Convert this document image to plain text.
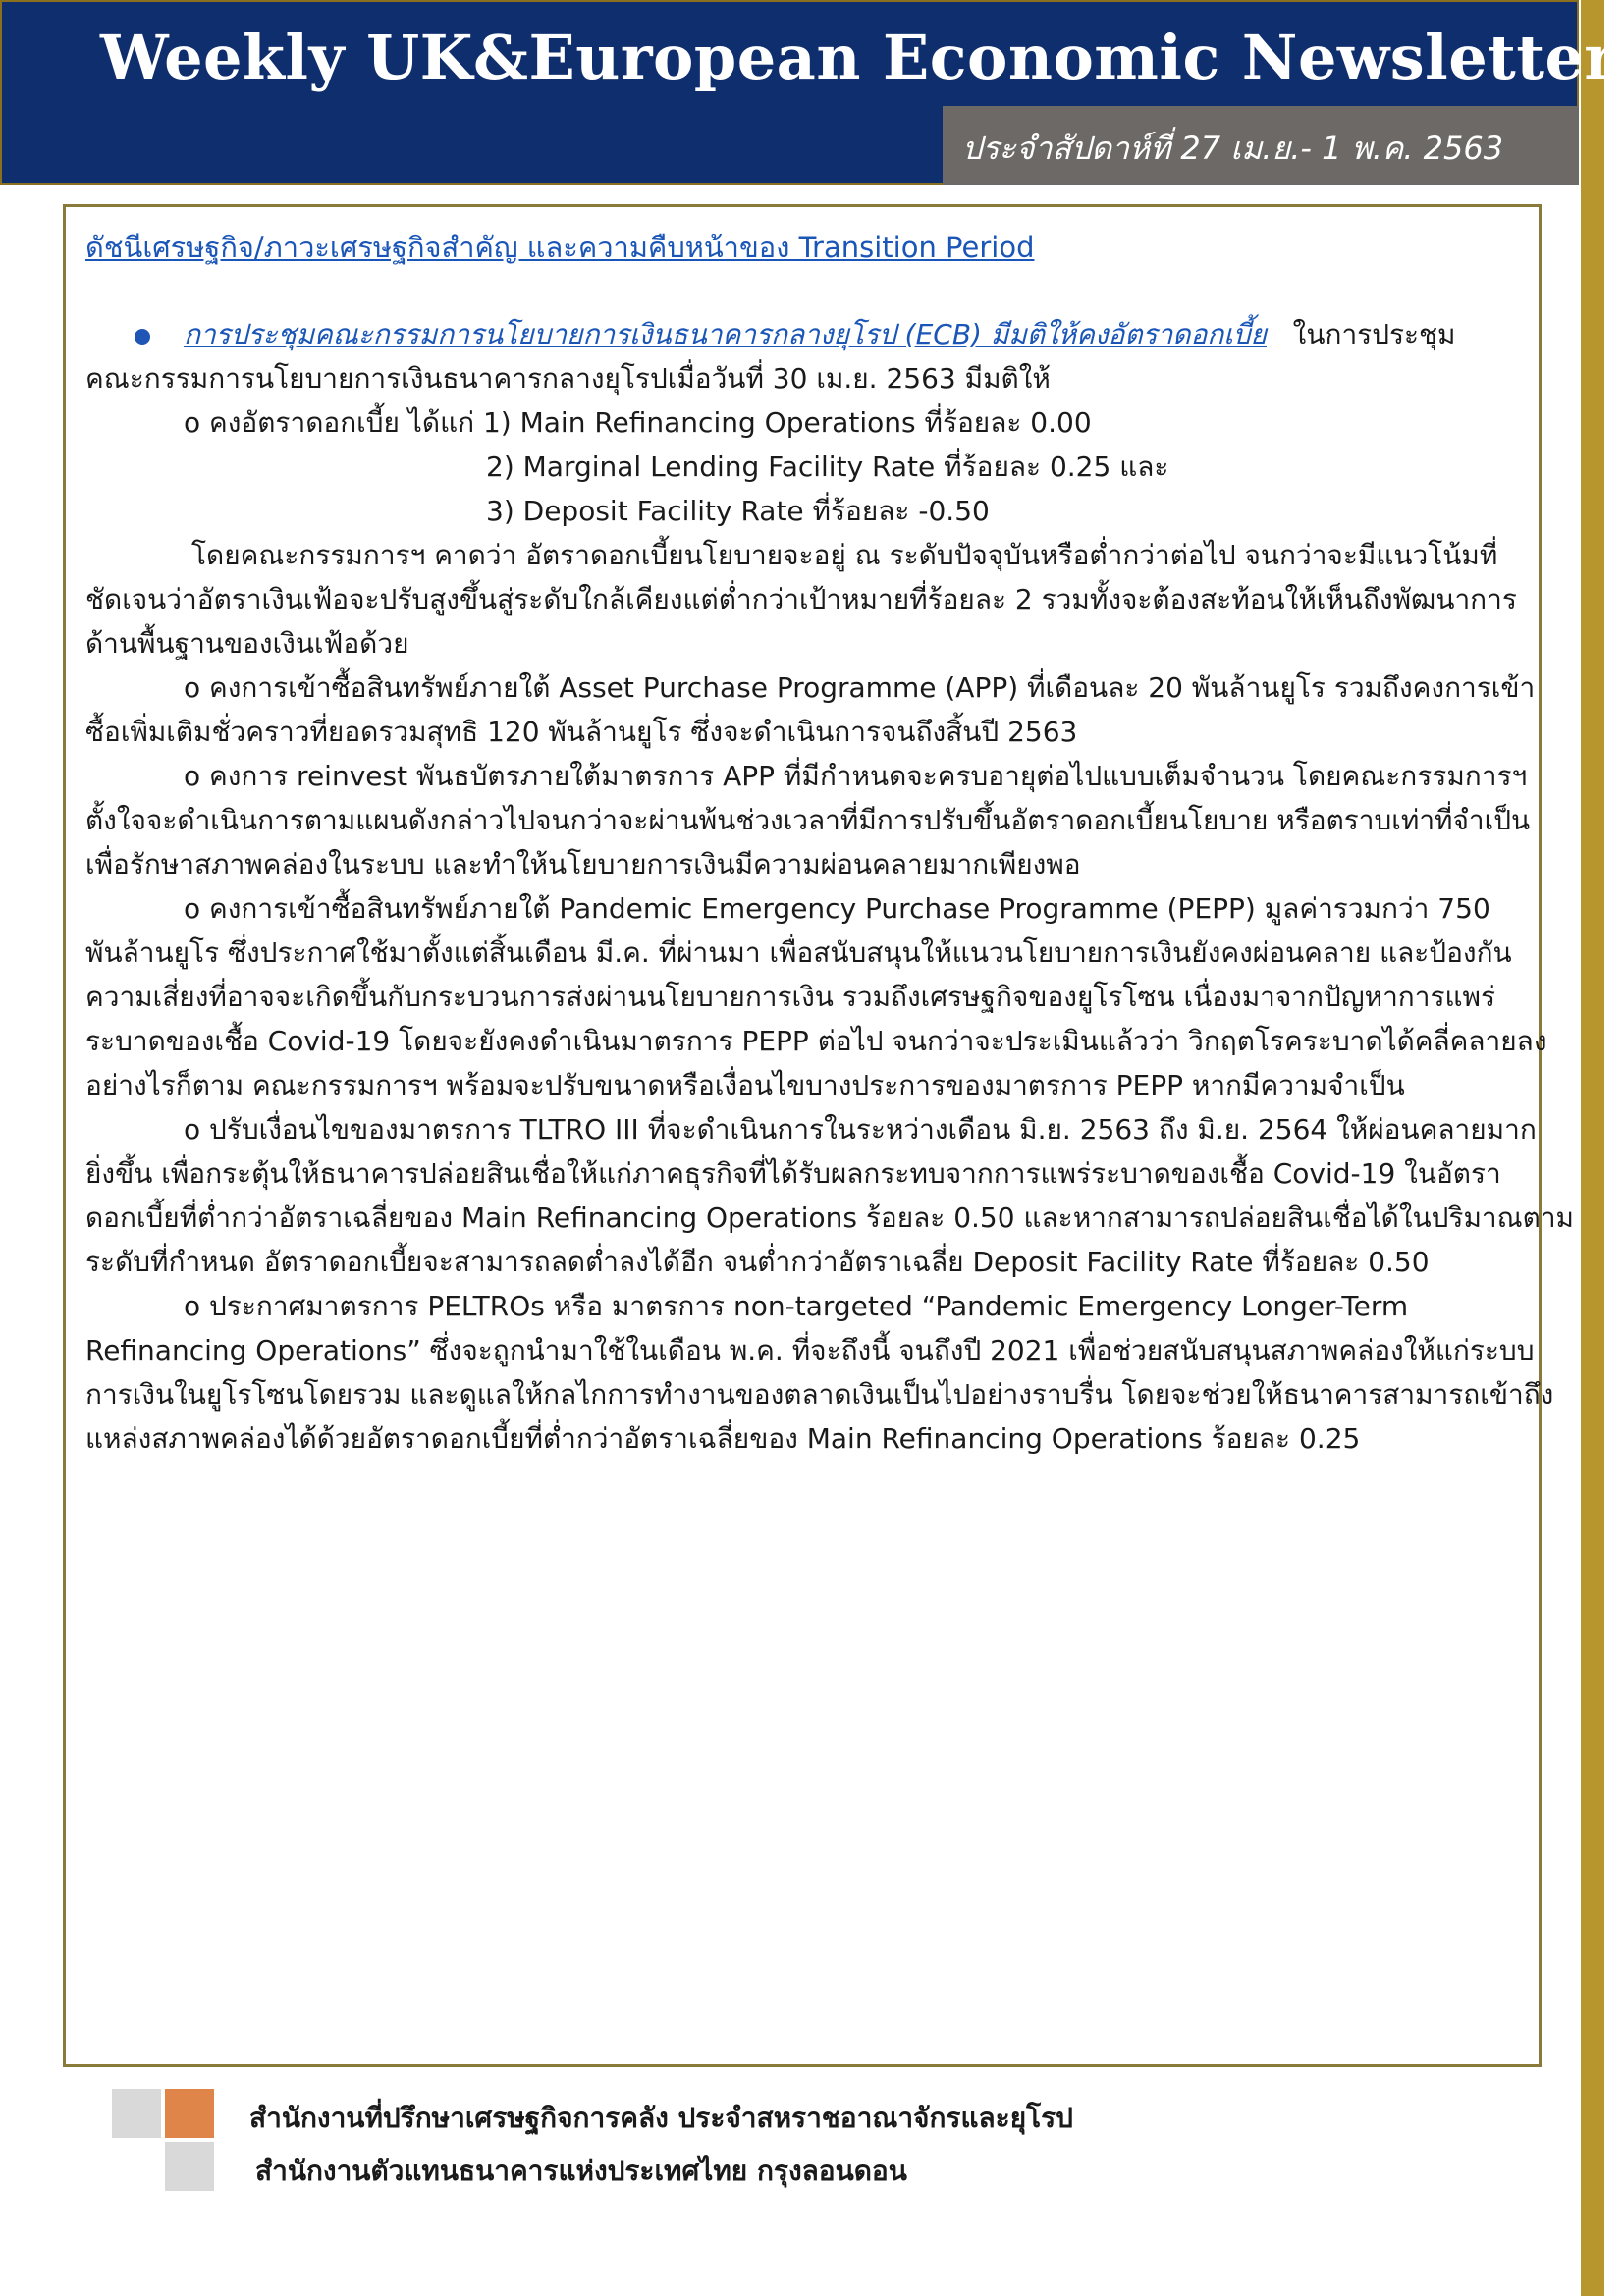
Weekly UK&European Economic Newsletter
ประจำสัปดาห์ที่ 27 เม.ย.- 1 พ.ค. 2563
ดัชนีเศรษฐกิจ/ภาวะเศรษฐกิจสำคัญ และความคืบหน้าของ Transition Period
การประชุมคณะกรรมการนโยบายการเงินธนาคารกลางยุโรป (ECB) มีมติให้คงอัตราดอกเบี้ย ในการประชุม
คณะกรรมการนโยบายการเงินธนาคารกลางยุโรปเมื่อวันที่ 30 เม.ย. 2563 มีมติให้
o คงอัตราดอกเบี้ย ได้แก่ 1) Main Refinancing Operations ที่ร้อยละ 0.00
2) Marginal Lending Facility Rate ที่ร้อยละ 0.25 และ
3) Deposit Facility Rate ที่ร้อยละ -0.50
โดยคณะกรรมการฯ คาดว่า อัตราดอกเบี้ยนโยบายจะอยู่ ณ ระดับปัจจุบันหรือต่ำกว่าต่อไป จนกว่าจะมีแนวโน้มที่
ชัดเจนว่าอัตราเงินเฟ้อจะปรับสูงขึ้นสู่ระดับใกล้เคียงแต่ต่ำกว่าเป้าหมายที่ร้อยละ 2 รวมทั้งจะต้องสะท้อนให้เห็นถึงพัฒนาการ
ด้านพื้นฐานของเงินเฟ้อด้วย
o คงการเข้าซื้อสินทรัพย์ภายใต้ Asset Purchase Programme (APP) ที่เดือนละ 20 พันล้านยูโร รวมถึงคงการเข้า
ซื้อเพิ่มเติมชั่วคราวที่ยอดรวมสุทธิ 120 พันล้านยูโร ซึ่งจะดำเนินการจนถึงสิ้นปี 2563
o คงการ reinvest พันธบัตรภายใต้มาตรการ APP ที่มีกำหนดจะครบอายุต่อไปแบบเต็มจำนวน โดยคณะกรรมการฯ
ตั้งใจจะดำเนินการตามแผนดังกล่าวไปจนกว่าจะผ่านพ้นช่วงเวลาที่มีการปรับขึ้นอัตราดอกเบี้ยนโยบาย หรือตราบเท่าที่จำเป็น
เพื่อรักษาสภาพคล่องในระบบ และทำให้นโยบายการเงินมีความผ่อนคลายมากเพียงพอ
o คงการเข้าซื้อสินทรัพย์ภายใต้ Pandemic Emergency Purchase Programme (PEPP) มูลค่ารวมกว่า 750
พันล้านยูโร ซึ่งประกาศใช้มาตั้งแต่สิ้นเดือน มี.ค. ที่ผ่านมา เพื่อสนับสนุนให้แนวนโยบายการเงินยังคงผ่อนคลาย และป้องกัน
ความเสี่ยงที่อาจจะเกิดขึ้นกับกระบวนการส่งผ่านนโยบายการเงิน รวมถึงเศรษฐกิจของยูโรโซน เนื่องมาจากปัญหาการแพร่
ระบาดของเชื้อ Covid-19 โดยจะยังคงดำเนินมาตรการ PEPP ต่อไป จนกว่าจะประเมินแล้วว่า วิกฤตโรคระบาดได้คลี่คลายลง
อย่างไรก็ตาม คณะกรรมการฯ พร้อมจะปรับขนาดหรือเงื่อนไขบางประการของมาตรการ PEPP หากมีความจำเป็น
o ปรับเงื่อนไขของมาตรการ TLTRO III ที่จะดำเนินการในระหว่างเดือน มิ.ย. 2563 ถึง มิ.ย. 2564 ให้ผ่อนคลายมาก
ยิ่งขึ้น เพื่อกระตุ้นให้ธนาคารปล่อยสินเชื่อให้แก่ภาคธุรกิจที่ได้รับผลกระทบจากการแพร่ระบาดของเชื้อ Covid-19 ในอัตรา
ดอกเบี้ยที่ต่ำกว่าอัตราเฉลี่ยของ Main Refinancing Operations ร้อยละ 0.50 และหากสามารถปล่อยสินเชื่อได้ในปริมาณตาม
ระดับที่กำหนด อัตราดอกเบี้ยจะสามารถลดต่ำลงได้อีก จนต่ำกว่าอัตราเฉลี่ย Deposit Facility Rate ที่ร้อยละ 0.50
o ประกาศมาตรการ PELTROs หรือ มาตรการ non-targeted “Pandemic Emergency Longer-Term
Refinancing Operations” ซึ่งจะถูกนำมาใช้ในเดือน พ.ค. ที่จะถึงนี้ จนถึงปี 2021 เพื่อช่วยสนับสนุนสภาพคล่องให้แก่ระบบ
การเงินในยูโรโซนโดยรวม และดูแลให้กลไกการทำงานของตลาดเงินเป็นไปอย่างราบรื่น โดยจะช่วยให้ธนาคารสามารถเข้าถึง
แหล่งสภาพคล่องได้ด้วยอัตราดอกเบี้ยที่ต่ำกว่าอัตราเฉลี่ยของ Main Refinancing Operations ร้อยละ 0.25
สำนักงานที่ปรึกษาเศรษฐกิจการคลัง ประจำสหราชอาณาจักรและยุโรป
สำนักงานตัวแทนธนาคารแห่งประเทศไทย กรุงลอนดอน
